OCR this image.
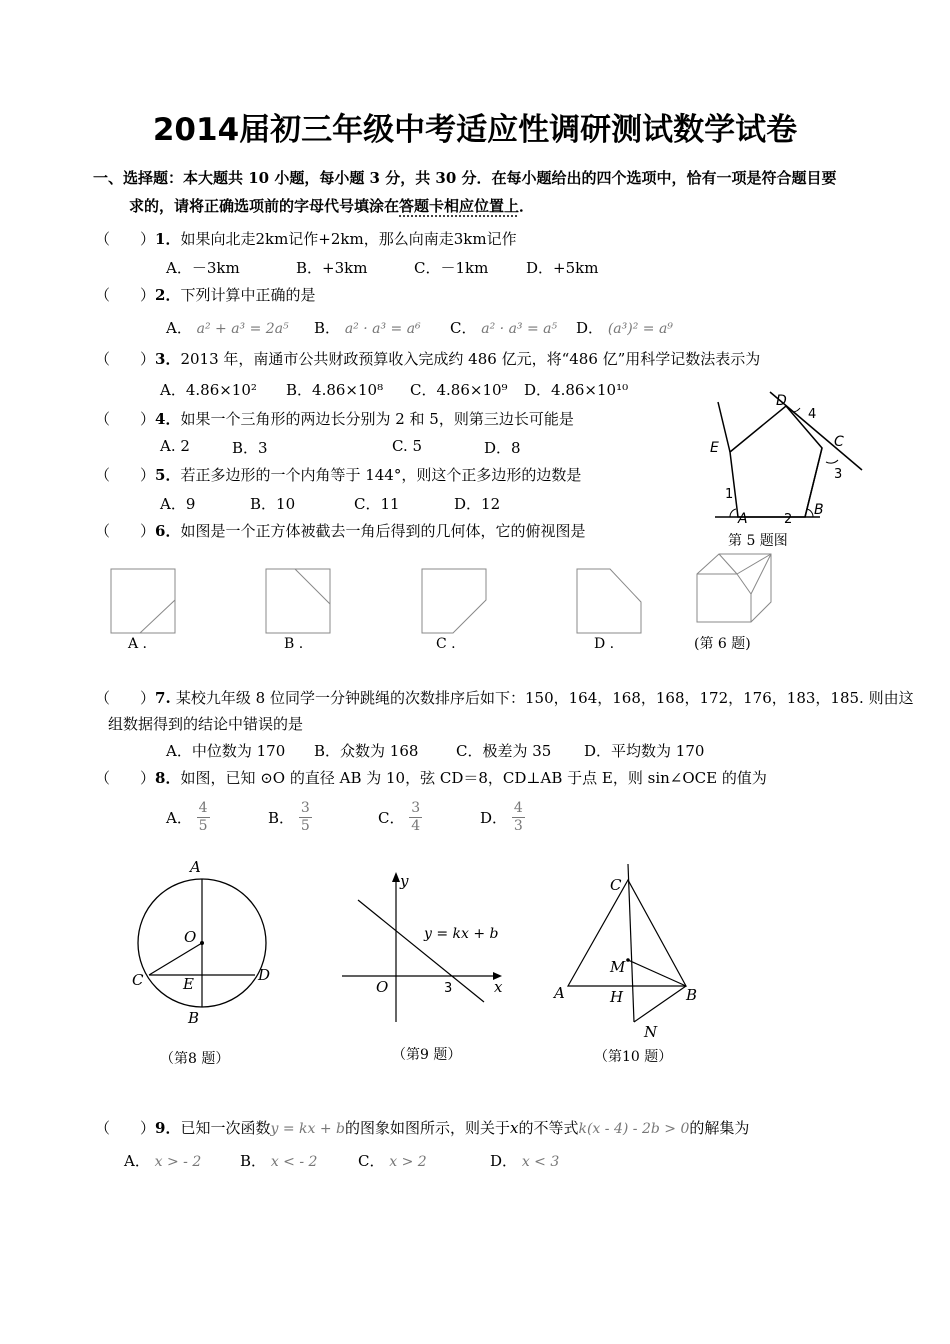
2014届初三年级中考适应性调研测试数学试卷
一、选择题：本大题共 10 小题，每小题 3 分，共 30 分．在每小题给出的四个选项中，恰有一项是符合题目要
求的，请将正确选项前的字母代号填涂在答题卡相应位置上．
（　　）1．如果向北走2km记作+2km，那么向南走3km记作
A．－3km	B．+3km	C．－1km	D．+5km
（　　）2．下列计算中正确的是
A． a² + a³ = 2a⁵ B． a² · a³ = a⁶ C． a² · a³ = a⁵ D． (a³)² = a⁹
（　　）3．2013 年，南通市公共财政预算收入完成约 486 亿元，将“486 亿”用科学记数法表示为
A．4.86×10² B．4.86×10⁸ C．4.86×10⁹ D．4.86×10¹⁰
（　　）4．如果一个三角形的两边长分别为 2 和 5，则第三边长可能是
A. 2	B．3	C. 5	D．8
（　　）5．若正多边形的一个内角等于 144°，则这个正多边形的边数是
A．9	B．10	C．11	D．12
（　　）6．如图是一个正方体被截去一角后得到的几何体，它的俯视图是
D
4
C
E
3
1
A	2
B
第 5 题图
A .	B .	C .	D .	(第 6 题)
（　　）7. 某校九年级 8 位同学一分钟跳绳的次数排序后如下：150，164，168，168，172，176，183，185. 则由这
组数据得到的结论中错误的是
A．中位数为 170 B．众数为 168	C．极差为 35 D．平均数为 170
（　　）8．如图，已知 ⊙O 的直径 AB 为 10，弦 CD＝8，CD⊥AB 于点 E，则 sin∠OCE 的值为
A． $\frac{4}{5}$	B． $\frac{3}{5}$	C． $\frac{3}{4}$	D． $\frac{4}{3}$
A
O
C	E	D
B
（第8 题）
y
y = kx + b
O	3	x
（第9 题）
C
M
A	H	B
N
（第10 题）
（　　）9．已知一次函数y = kx + b的图象如图所示，则关于x的不等式k(x - 4) - 2b > 0的解集为
A． x > - 2	B． x < - 2	C． x > 2	D． x < 3
